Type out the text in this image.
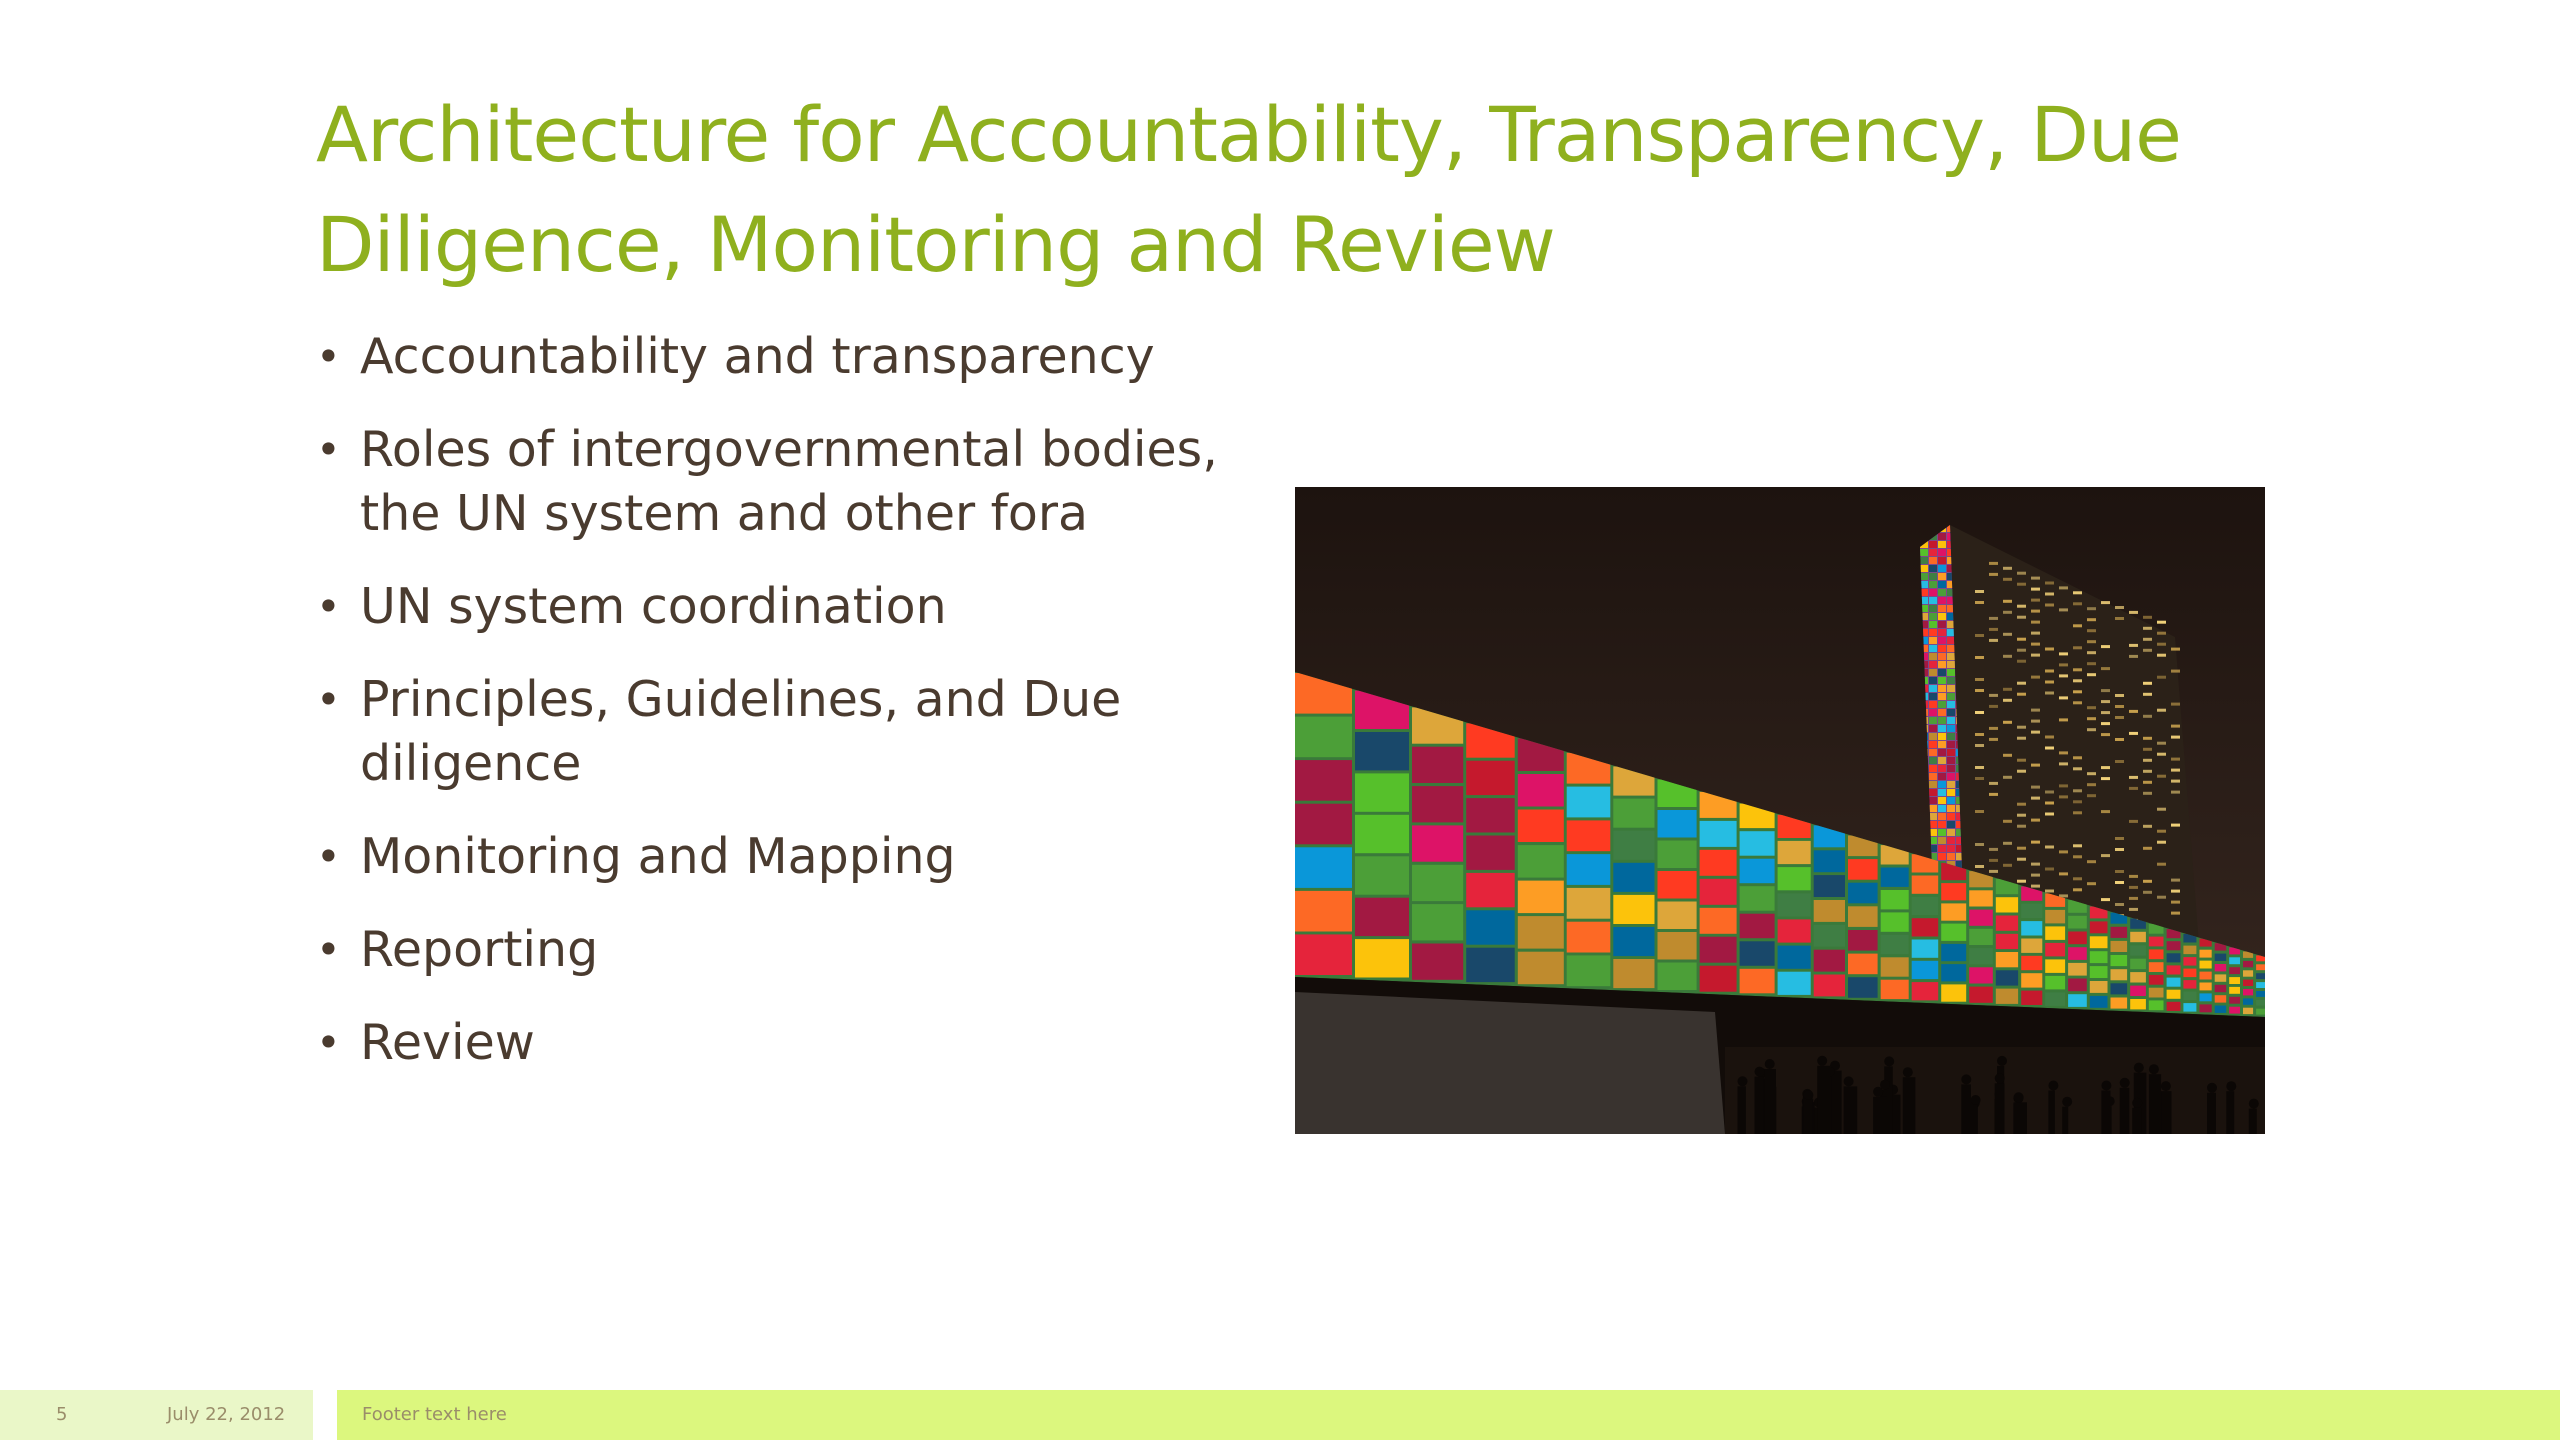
Architecture for Accountability, Transparency, Due Diligence, Monitoring and Review
• Accountability and transparency
• Roles of intergovernmental bodies, the UN system and other fora
• UN system coordination
• Principles, Guidelines, and Due diligence
• Monitoring and Mapping
• Reporting
• Review
5	July 22, 2012	Footer text here
